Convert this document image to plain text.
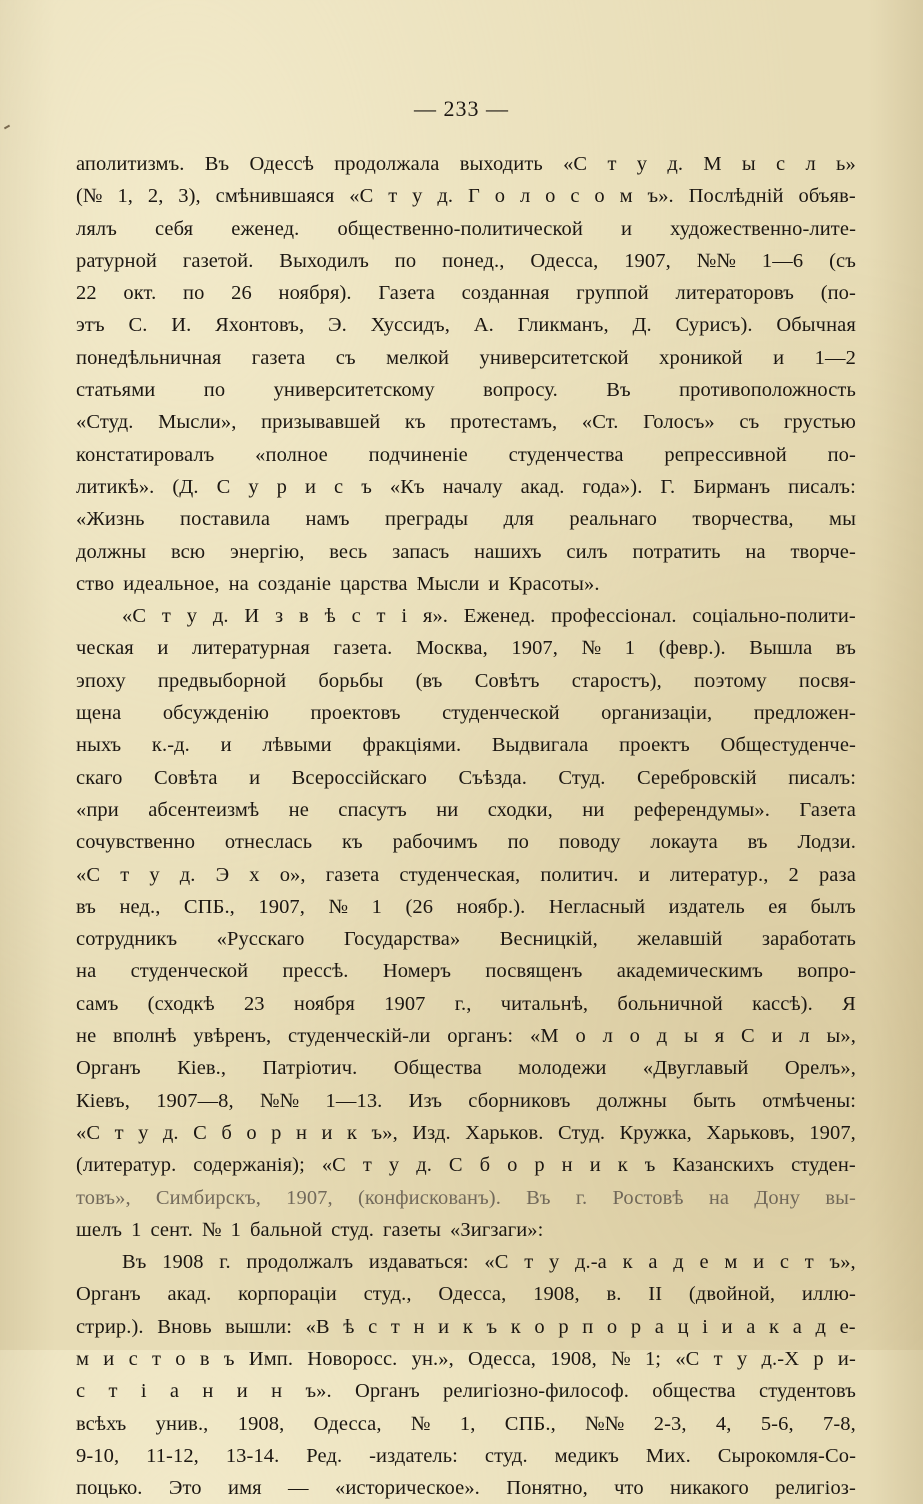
— 233 —
аполитизмъ. Въ Одессѣ продолжала выходить «С т у д. М ы с л ь»
(№ 1, 2, 3), смѣнившаяся «С т у д. Г о л о с о м ъ». Послѣдній объяв-
лялъ себя еженед. общественно-политической и художественно-лите-
ратурной газетой. Выходилъ по понед., Одесса, 1907, №№ 1—6 (съ
22 окт. по 26 ноября). Газета созданная группой литераторовъ (по-
этъ С. И. Яхонтовъ, Э. Хуссидъ, А. Гликманъ, Д. Сурисъ). Обычная
понедѣльничная газета съ мелкой университетской хроникой и 1—2
статьями по университетскому вопросу. Въ противоположность
«Студ. Мысли», призывавшей къ протестамъ, «Ст. Голосъ» съ грустью
констатировалъ «полное подчиненіе студенчества репрессивной по-
литикѣ». (Д. С у р и с ъ «Къ началу акад. года»). Г. Бирманъ писалъ:
«Жизнь поставила намъ преграды для реальнаго творчества, мы
должны всю энергію, весь запасъ нашихъ силъ потратить на творче-
ство идеальное, на созданіе царства Мысли и Красоты».
«С т у д. И з в ѣ с т і я». Еженед. профессіонал. соціально-полити-
ческая и литературная газета. Москва, 1907, № 1 (февр.). Вышла въ
эпоху предвыборной борьбы (въ Совѣтъ старостъ), поэтому посвя-
щена обсужденію проектовъ студенческой организаціи, предложен-
ныхъ к.-д. и лѣвыми фракціями. Выдвигала проектъ Общестуденче-
скаго Совѣта и Всероссійскаго Съѣзда. Студ. Серебровскій писалъ:
«при абсентеизмѣ не спасутъ ни сходки, ни референдумы». Газета
сочувственно отнеслась къ рабочимъ по поводу локаута въ Лодзи.
«С т у д. Э х о», газета студенческая, политич. и литератур., 2 раза
въ нед., СПБ., 1907, № 1 (26 ноябр.). Негласный издатель ея былъ
сотрудникъ «Русскаго Государства» Весницкій, желавшій заработать
на студенческой прессѣ. Номеръ посвященъ академическимъ вопро-
самъ (сходкѣ 23 ноября 1907 г., читальнѣ, больничной кассѣ). Я
не вполнѣ увѣренъ, студенческій-ли органъ: «М о л о д ы я С и л ы»,
Органъ Кіев., Патріотич. Общества молодежи «Двуглавый Орелъ»,
Кіевъ, 1907—8, №№ 1—13. Изъ сборниковъ должны быть отмѣчены:
«С т у д. С б о р н и к ъ», Изд. Харьков. Студ. Кружка, Харьковъ, 1907,
(литератур. содержанія); «С т у д. С б о р н и к ъ Казанскихъ студен-
товъ», Симбирскъ, 1907, (конфискованъ). Въ г. Ростовѣ на Дону вы-
шелъ 1 сент. № 1 бальной студ. газеты «Зигзаги»:
Въ 1908 г. продолжалъ издаваться: «С т у д.-а к а д е м и с т ъ»,
Органъ акад. корпораціи студ., Одесса, 1908, в. II (двойной, иллю-
стрир.). Вновь вышли: «В ѣ с т н и к ъ к о р п о р а ц і и а к а д е-
м и с т о в ъ Имп. Новоросс. ун.», Одесса, 1908, № 1; «С т у д.-Х р и-
с т і а н и н ъ». Органъ религіозно-философ. общества студентовъ
всѣхъ унив., 1908, Одесса, № 1, СПБ., №№ 2-3, 4, 5-6, 7-8,
9-10, 11-12, 13-14. Ред. -издатель: студ. медикъ Мих. Сырокомля-Со-
поцько. Это имя — «историческое». Понятно, что никакого религіоз-
